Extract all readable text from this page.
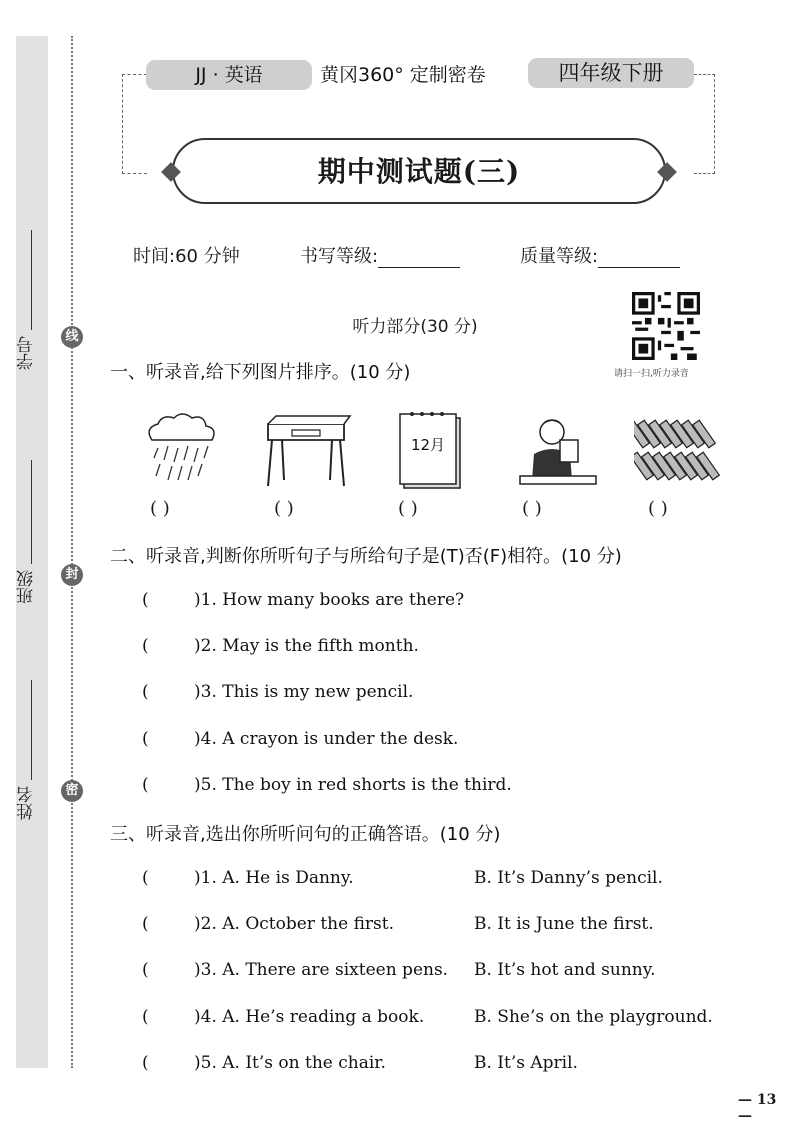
学号
班级
姓名
线
封
密
JJ · 英语	黄冈360° 定制密卷	四年级下册
期中测试题(三)
时间:60 分钟	书写等级:	质量等级:
听力部分(30 分)
请扫一扫,听力录音
一、听录音,给下列图片排序。(10 分)
12月
( )	( )	( )	( )	( )
二、听录音,判断你所听句子与所给句子是(T)否(F)相符。(10 分)
(	)1. How many books are there?
(	)2. May is the fifth month.
(	)3. This is my new pencil.
(	)4. A crayon is under the desk.
(	)5. The boy in red shorts is the third.
三、听录音,选出你所听问句的正确答语。(10 分)
(	)1. A. He is Danny.	B. It’s Danny’s pencil.
(	)2. A. October the first.	B. It is June the first.
(	)3. A. There are sixteen pens. B. It’s hot and sunny.
(	)4. A. He’s reading a book.	B. She’s on the playground.
(	)5. A. It’s on the chair.	B. It’s April.
— 13 —
